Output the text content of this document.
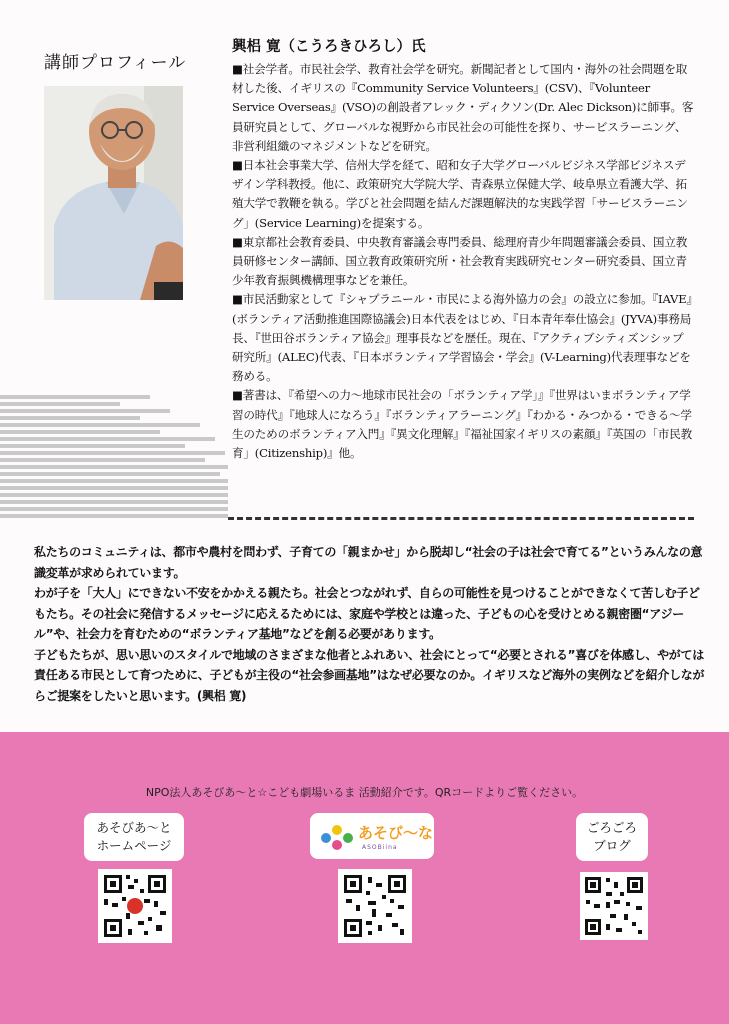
講師プロフィール
興梠 寛（こうろきひろし）氏

■社会学者。市民社会学、教育社会学を研究。新聞記者として国内・海外の社会問題を取材した後、イギリスの『Community Service Volunteers』(CSV)、『Volunteer Service Overseas』(VSO)の創設者アレック・ディクソン(Dr. Alec Dickson)に師事。客員研究員として、グローバルな視野から市民社会の可能性を探り、サービスラーニング、非営利組織のマネジメントなどを研究。

■日本社会事業大学、信州大学を経て、昭和女子大学グローバルビジネス学部ビジネスデザイン学科教授。他に、政策研究大学院大学、青森県立保健大学、岐阜県立看護大学、拓殖大学で教鞭を執る。学びと社会問題を結んだ課題解決的な実践学習「サービスラーニング」(Service Learning)を提案する。

■東京都社会教育委員、中央教育審議会専門委員、総理府青少年問題審議会委員、国立教員研修センター講師、国立教育政策研究所・社会教育実践研究センター研究委員、国立青少年教育振興機構理事などを兼任。

■市民活動家として『シャプラニール・市民による海外協力の会』の設立に参加。『IAVE』(ボランティア活動推進国際協議会)日本代表をはじめ、『日本青年奉仕協会』(JYVA)事務局長、『世田谷ボランティア協会』理事長などを歴任。現在、『アクティブシティズンシップ研究所』(ALEC)代表、『日本ボランティア学習協会・学会』(V-Learning)代表理事などを務める。

■著書は、『希望への力～地球市民社会の「ボランティア学」』『世界はいまボランティア学習の時代』『地球人になろう』『ボランティアラーニング』『わかる・みつかる・できる～学生のためのボランティア入門』『異文化理解』『福祉国家イギリスの素顔』『英国の「市民教育」(Citizenship)』他。

私たちのコミュニティは、都市や農村を問わず、子育ての「親まかせ」から脱却し“社会の子は社会で育てる”というみんなの意識変革が求められています。

わが子を「大人」にできない不安をかかえる親たち。社会とつながれず、自らの可能性を見つけることができなくて苦しむ子どもたち。その社会に発信するメッセージに応えるためには、家庭や学校とは違った、子どもの心を受けとめる親密圏“アジール”や、社会力を育むための“ボランティア基地”などを創る必要があります。

子どもたちが、思い思いのスタイルで地域のさまざまな他者とふれあい、社会にとって“必要とされる”喜びを体感し、やがては責任ある市民として育つために、子どもが主役の“社会参画基地”はなぜ必要なのか。イギリスなど海外の実例などを紹介しながらご提案をしたいと思います。(興梠 寛)

NPO法人あそびあ～と☆こども劇場いるま 活動紹介です。QRコードよりご覧ください。
あそびあ～と
ホームページ
あそび～な
ASOBiina
ごろごろ
ブログ
